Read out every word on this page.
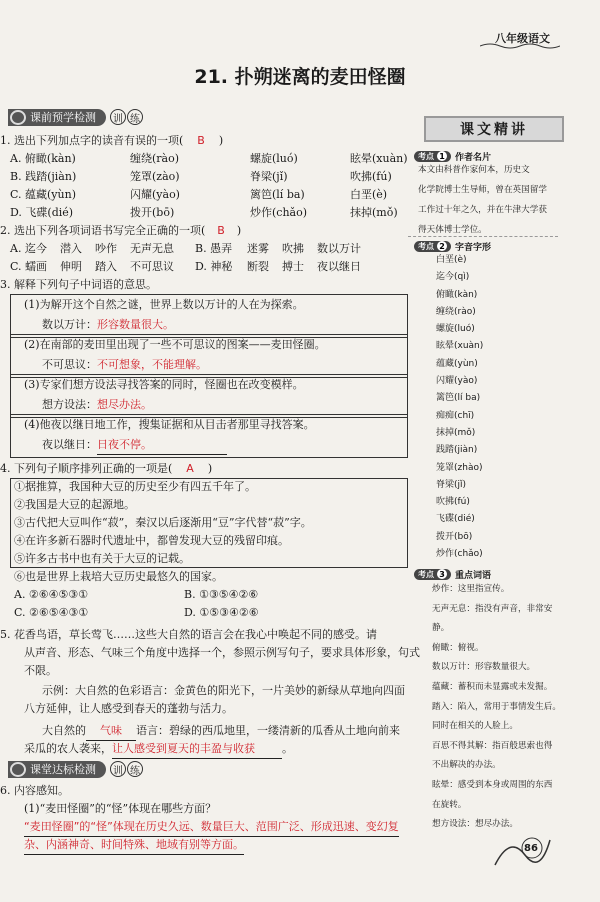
八年级语文
21. 扑朔迷离的麦田怪圈
课前预学检测	训 练
1. 选出下列加点字的读音有误的一项( B )
A. 俯瞰(kàn)	缠绕(rào)	螺旋(luó)	眩晕(xuàn)
B. 践踏(jiàn)	笼罩(zào)	脊梁(jǐ)	吹拂(fú)
C. 蕴藏(yùn)	闪耀(yào)	篱笆(lí ba)	白垩(è)
D. 飞碟(dié)	拨开(bō)	炒作(chǎo)	抹掉(mǒ)
2. 选出下列各项词语书写完全正确的一项( B )
A. 迄今 潜入 吵作 无声无息 B. 愚弄 迷雾 吹拂 数以万计
C. 蠕画 伸明 踏入 不可思议 D. 神秘 断裂 搏士 夜以继日
3. 解释下列句子中词语的意思。
(1)为解开这个自然之谜，世界上数以万计的人在为探索。
数以万计：形容数量很大。
(2)在南部的麦田里出现了一些不可思议的图案——麦田怪圈。
不可思议：不可想象，不能理解。
(3)专家们想方设法寻找答案的同时，怪圈也在改变模样。
想方设法：想尽办法。
(4)他夜以继日地工作，搜集证据和从目击者那里寻找答案。
夜以继日：日夜不停。
4. 下列句子顺序排列正确的一项是( A )
①据推算，我国种大豆的历史至少有四五千年了。
②我国是大豆的起源地。
③古代把大豆叫作“菽”，秦汉以后逐渐用“豆”字代替“菽”字。
④在许多新石器时代遗址中，都曾发现大豆的残留印痕。
⑤许多古书中也有关于大豆的记载。
⑥也是世界上栽培大豆历史最悠久的国家。
A. ②⑥④⑤③①	B. ①③⑤④②⑥
C. ②⑥⑤④③①	D. ①⑤③④②⑥
5. 花香鸟语，草长莺飞……这些大自然的语言会在我心中唤起不同的感受。请
从声音、形态、气味三个角度中选择一个，参照示例写句子，要求具体形象，句式
不限。
示例：大自然的色彩语言：金黄色的阳光下，一片美妙的新绿从草地向四面
八方延伸，让人感受到春天的蓬勃与活力。
大自然的 气味 语言：碧绿的西瓜地里，一缕清新的瓜香从土地向前来
采瓜的农人袭来，让人感受到夏天的丰盈与收获 。
课堂达标检测	训 练
6. 内容感知。
(1)“麦田怪圈”的“怪”体现在哪些方面？
“麦田怪圈”的“怪”体现在历史久远、数量巨大、范围广泛、形成迅速、变幻复
杂、内涵神奇、时间特殊、地域有别等方面。
课文精讲
考点 1 作者名片
本文由科普作家何本，历史文
化学院博士生导师，曾在英国留学
工作过十年之久，并在牛津大学获
得天体博士学位。
考点 2 字音字形
白垩(è)
迄今(qì)
俯瞰(kàn)
缠绕(rào)
螺旋(luó)
眩晕(xuàn)
蕴藏(yùn)
闪耀(yào)
篱笆(lí ba)
痴痴(chī)
抹掉(mǒ)
践踏(jiàn)
笼罩(zhào)
脊梁(jǐ)
吹拂(fú)
飞碟(dié)
拨开(bō)
炒作(chǎo)
考点 3 重点词语
炒作：这里指宣传。
无声无息：指没有声音，非常安
静。
俯瞰：俯视。
数以万计：形容数量很大。
蕴藏：蓄积而未显露或未发掘。
踏入：陷入，常用于事情发生后。
同时在相关的人脸上。
百思不得其解：指百般思索也得
不出解决的办法。
眩晕：感受到本身或周围的东西
在旋转。
想方设法：想尽办法。
86
